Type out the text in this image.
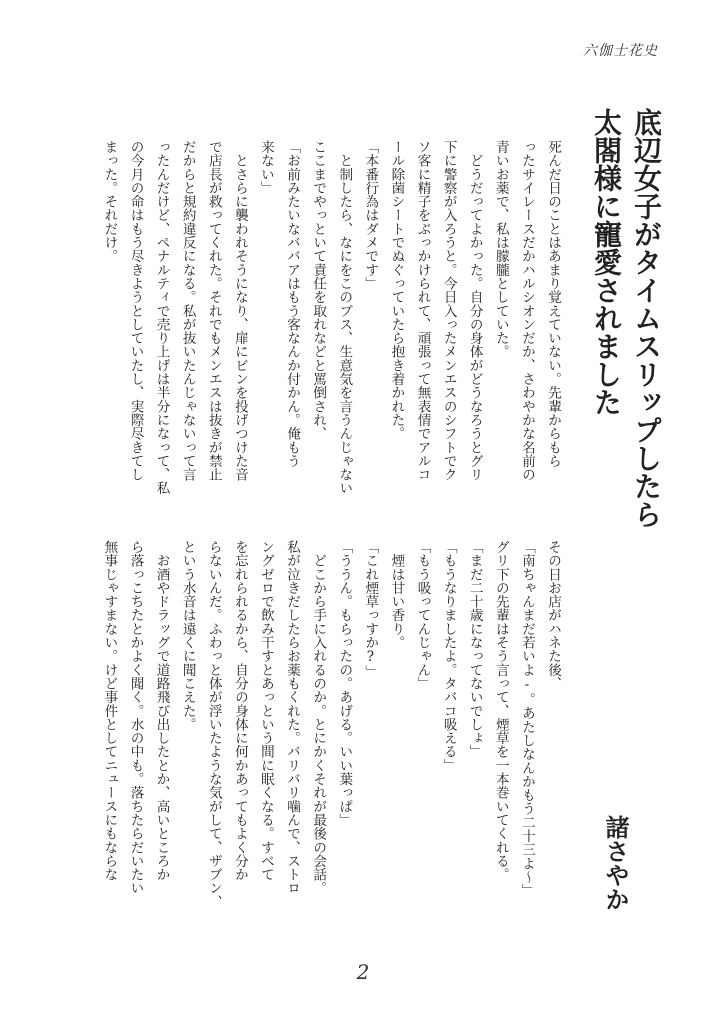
六伽士花史
底辺女子がタイムスリップしたら
太閤様に寵愛されました
諸さやか
死んだ日のことはあまり覚えていない。先輩からもら
ったサイレースだかハルシオンだか、さわやかな名前の
青いお薬で、私は朦朧としていた。
　どうだってよかった。自分の身体がどうなろうとグリ
下に警察が入ろうと。今日入ったメンエスのシフトでク
ソ客に精子をぶっかけられて、頑張って無表情でアルコ
ール除菌シートでぬぐっていたら抱き着かれた。
「本番行為はダメです」
　と制したら、なにをこのブス、生意気を言うんじゃない
ここまでやっといて責任を取れなどと罵倒され、
「お前みたいなババアはもう客なんか付かん。俺もう
来ない」
　とさらに襲われそうになり、扉にビンを投げつけた音
で店長が救ってくれた。それでもメンエスは抜きが禁止
だからと規約違反になる。私が抜いたんじゃないって言
ったんだけど、ペナルティで売り上げは半分になって、私
の今月の命はもう尽きようとしていたし、実際尽きてし
まった。それだけ。
その日お店がハネた後、
「南ちゃんまだ若いよ-。あたしなんかもう二十三よ〜」
グリ下の先輩はそう言って、煙草を一本巻いてくれる。
「まだ二十歳になってないでしょ」
「もうなりましたよ。タバコ吸える」
「もう吸ってんじゃん」
　煙は甘い香り。
「これ煙草っすか?」
「ううん。もらったの。あげる。いい葉っぱ」
　どこから手に入れるのか。とにかくそれが最後の会話。
私が泣きだしたらお薬もくれた。バリバリ噛んで、ストロ
ングゼロで飲み干すとあっという間に眠くなる。すべて
を忘れられるから、自分の身体に何かあってもよく分か
らないんだ。ふわっと体が浮いたような気がして、ザブン、
という水音は遠くに聞こえた。
　お酒やドラッグで道路飛び出したとか、高いところか
ら落っこちたとかよく聞く。水の中も。落ちたらだいたい
無事じゃすまない。けど事件としてニュースにもならな
2
